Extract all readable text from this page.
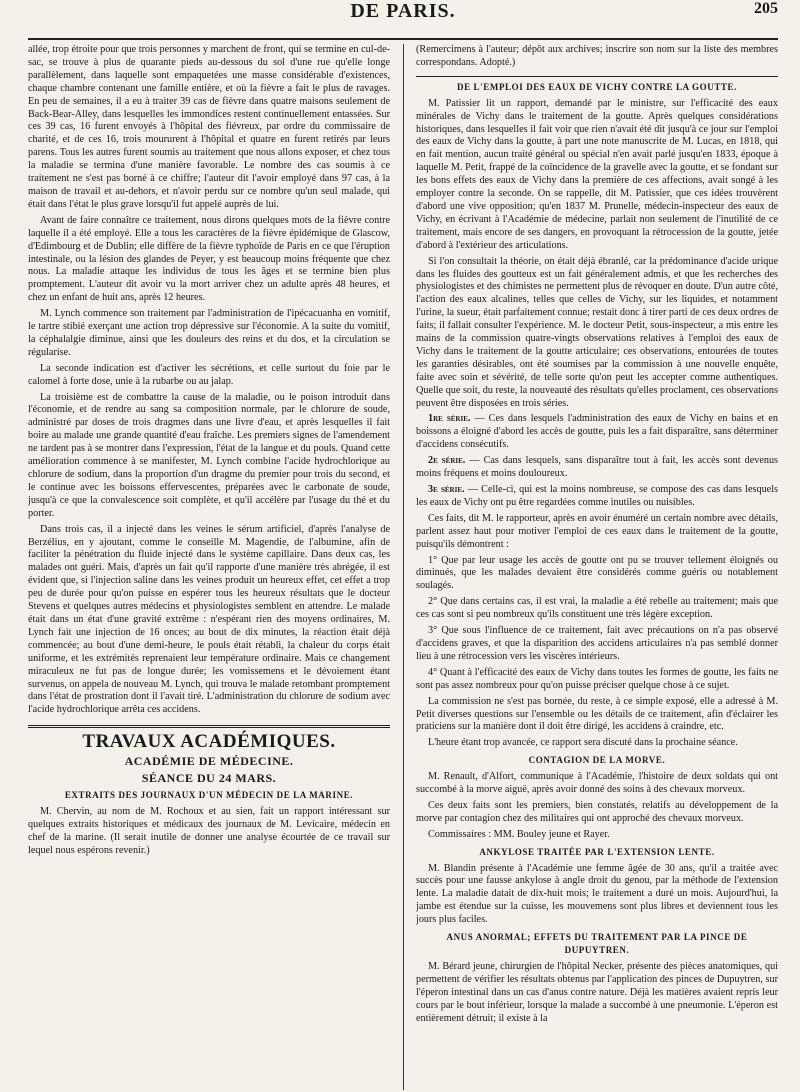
DE PARIS.	205

allée, trop étroite pour que trois personnes y marchent de front, qui se termine en cul-de-sac, se trouve à plus de quarante pieds au-dessous du sol d'une rue qu'elle longe parallèlement, dans laquelle sont empaquetées une masse considérable d'existences, chaque chambre contenant une famille entière, et où la fièvre a fait le plus de ravages. En peu de semaines, il a eu à traiter 39 cas de fièvre dans quatre maisons seulement de Back-Bear-Alley, dans lesquelles les immondices restent continuellement entassées. Sur ces 39 cas, 16 furent envoyés à l'hôpital des fiévreux, par ordre du commissaire de charité, et de ces 16, trois moururent à l'hôpital et quatre en furent retirés par leurs parens. Tous les autres furent soumis au traitement que nous allons exposer, et chez tous la maladie se termina d'une manière favorable. Le nombre des cas soumis à ce traitement ne s'est pas borné à ce chiffre; l'auteur dit l'avoir employé dans 97 cas, à la maison de travail et au-dehors, et n'avoir perdu sur ce nombre qu'un seul malade, qui était dans l'état le plus grave lorsqu'il fut appelé auprès de lui.

Avant de faire connaître ce traitement, nous dirons quelques mots de la fièvre contre laquelle il a été employé. Elle a tous les caractères de la fièvre épidémique de Glascow, d'Edimbourg et de Dublin; elle diffère de la fièvre typhoïde de Paris en ce que l'éruption intestinale, ou la lésion des glandes de Peyer, y est beaucoup moins fréquente que chez nous. La maladie attaque les individus de tous les âges et se termine bien plus promptement. L'auteur dit avoir vu la mort arriver chez un adulte après 48 heures, et chez un enfant de huit ans, après 12 heures.

M. Lynch commence son traitement par l'administration de l'ipécacuanha en vomitif, le tartre stibié exerçant une action trop dépressive sur l'économie. A la suite du vomitif, la céphalalgie diminue, ainsi que les douleurs des reins et du dos, et la circulation se régularise.

La seconde indication est d'activer les sécrétions, et celle surtout du foie par le calomel à forte dose, unie à la rubarbe ou au jalap.

La troisième est de combattre la cause de la maladie, ou le poison introduit dans l'économie, et de rendre au sang sa composition normale, par le chlorure de soude, administré par doses de trois dragmes dans une livre d'eau, et après lesquelles il fait boire au malade une grande quantité d'eau fraîche. Les premiers signes de l'amendement ne tardent pas à se montrer dans l'expression, l'état de la langue et du pouls. Quand cette amélioration commence à se manifester, M. Lynch combine l'acide hydrochlorique au chlorure de sodium, dans la proportion d'un dragme du premier pour trois du second, et le continue avec les boissons effervescentes, préparées avec le carbonate de soude, jusqu'à ce que la convalescence soit complète, et qu'il accélère par l'usage du thé et du porter.

Dans trois cas, il a injecté dans les veines le sérum artificiel, d'après l'analyse de Berzélius, en y ajoutant, comme le conseille M. Magendie, de l'albumine, afin de faciliter la pénétration du fluide injecté dans le système capillaire. Dans deux cas, les malades ont guéri. Mais, d'après un fait qu'il rapporte d'une manière très abrégée, il est évident que, si l'injection saline dans les veines produit un heureux effet, cet effet a trop peu de durée pour qu'on puisse en espérer tous les heureux résultats que le docteur Stevens et quelques autres médecins et physiologistes semblent en attendre. Le malade était dans un état d'une gravité extrême : n'espérant rien des moyens ordinaires, M. Lynch fait une injection de 16 onces; au bout de dix minutes, la réaction était déjà commencée; au bout d'une demi-heure, le pouls était rétabli, la chaleur du corps était uniforme, et les extrémités reprenaient leur température ordinaire. Mais ce changement miraculeux ne fut pas de longue durée; les vomissemens et le dévoiement étant survenus, on appela de nouveau M. Lynch, qui trouva le malade retombant promptement dans l'état de prostration dont il l'avait tiré. L'administration du chlorure de sodium avec l'acide hydrochlorique arrêta ces accidens.

TRAVAUX ACADÉMIQUES.
ACADÉMIE DE MÉDECINE.
SÉANCE DU 24 MARS.
EXTRAITS DES JOURNAUX D'UN MÉDECIN DE LA MARINE.

M. Chervin, au nom de M. Rochoux et au sien, fait un rapport intéressant sur quelques extraits historiques et médicaux des journaux de M. Levicaire, médecin en chef de la marine. (Il serait inutile de donner une analyse écourtée de ce travail sur lequel nous espérons revenir.)

(Remercimens à l'auteur; dépôt aux archives; inscrire son nom sur la liste des membres correspondans. Adopté.)

DE L'EMPLOI DES EAUX DE VICHY CONTRE LA GOUTTE.

M. Patissier lit un rapport, demandé par le ministre, sur l'efficacité des eaux minérales de Vichy dans le traitement de la goutte. Après quelques considérations historiques, dans lesquelles il fait voir que rien n'avait été dit jusqu'à ce jour sur l'emploi des eaux de Vichy dans la goutte, à part une note manuscrite de M. Lucas, en 1818, qui en fait mention, aucun traité général ou spécial n'en avait parlé jusqu'en 1833, époque à laquelle M. Petit, frappé de la coïncidence de la gravelle avec la goutte, et se fondant sur les bons effets des eaux de Vichy dans la première de ces affections, avait songé à les employer contre la seconde. On se rappelle, dit M. Patissier, que ces idées trouvèrent d'abord une vive opposition; qu'en 1837 M. Prunelle, médecin-inspecteur des eaux de Vichy, en écrivant à l'Académie de médecine, parlait non seulement de l'inutilité de ce traitement, mais encore de ses dangers, en provoquant la rétrocession de la goutte, jetée d'abord à l'extérieur des articulations.

Si l'on consultait la théorie, on était déjà ébranlé, car la prédominance d'acide urique dans les fluides des goutteux est un fait généralement admis, et que les recherches des physiologistes et des chimistes ne permettent plus de révoquer en doute. D'un autre côté, l'action des eaux alcalines, telles que celles de Vichy, sur les liquides, et notamment l'urine, la sueur, était parfaitement connue; restait donc à tirer parti de ces deux ordres de faits; il fallait consulter l'expérience. M. le docteur Petit, sous-inspecteur, a mis entre les mains de la commission quatre-vingts observations relatives à l'emploi des eaux de Vichy dans le traitement de la goutte articulaire; ces observations, entourées de toutes les garanties désirables, ont été soumises par la commission à une nouvelle enquête, faite avec soin et sévérité, de telle sorte qu'on peut les accepter comme authentiques. Quelle que soit, du reste, la nouveauté des résultats qu'elles proclament, ces observations peuvent être disposées en trois séries.

1re série. — Ces dans lesquels l'administration des eaux de Vichy en bains et en boissons a éloigné d'abord les accès de goutte, puis les a fait disparaître, sans déterminer d'accidens consécutifs.

2e série. — Cas dans lesquels, sans disparaître tout à fait, les accès sont devenus moins fréquens et moins douloureux.

3e série. — Celle-ci, qui est la moins nombreuse, se compose des cas dans lesquels les eaux de Vichy ont pu être regardées comme inutiles ou nuisibles.

Ces faits, dit M. le rapporteur, après en avoir énuméré un certain nombre avec détails, parlent assez haut pour motiver l'emploi de ces eaux dans le traitement de la goutte, puisqu'ils démontrent :

1° Que par leur usage les accès de goutte ont pu se trouver tellement éloignés ou diminués, que les malades devaient être considérés comme guéris ou notablement soulagés.

2° Que dans certains cas, il est vrai, la maladie a été rebelle au traitement; mais que ces cas sont si peu nombreux qu'ils constituent une très légère exception.

3° Que sous l'influence de ce traitement, fait avec précautions on n'a pas observé d'accidens graves, et que la disparition des accidens articulaires n'a pas semblé donner lieu à une rétrocession vers les viscères intérieurs.

4° Quant à l'efficacité des eaux de Vichy dans toutes les formes de goutte, les faits ne sont pas assez nombreux pour qu'on puisse préciser quelque chose à ce sujet.

La commission ne s'est pas bornée, du reste, à ce simple exposé, elle a adressé à M. Petit diverses questions sur l'ensemble ou les détails de ce traitement, afin d'éclairer les praticiens sur la manière dont il doit être dirigé, les accidens à craindre, etc.

L'heure étant trop avancée, ce rapport sera discuté dans la prochaine séance.

CONTAGION DE LA MORVE.

M. Renault, d'Alfort, communique à l'Académie, l'histoire de deux soldats qui ont succombé à la morve aiguë, après avoir donné des soins à des chevaux morveux.

Ces deux faits sont les premiers, bien constatés, relatifs au développement de la morve par contagion chez des militaires qui ont approché des chevaux morveux.

Commissaires : MM. Bouley jeune et Rayer.

ANKYLOSE TRAITÉE PAR L'EXTENSION LENTE.

M. Blandin présente à l'Académie une femme âgée de 30 ans, qu'il a traitée avec succès pour une fausse ankylose à angle droit du genou, par la méthode de l'extension lente. La maladie datait de dix-huit mois; le traitement a duré un mois. Aujourd'hui, la jambe est étendue sur la cuisse, les mouvemens sont plus libres et deviennent tous les jours plus faciles.

ANUS ANORMAL; EFFETS DU TRAITEMENT PAR LA PINCE DE DUPUYTREN.

M. Bérard jeune, chirurgien de l'hôpital Necker, présente des pièces anatomiques, qui permettent de vérifier les résultats obtenus par l'application des pinces de Dupuytren, sur l'éperon intestinal dans un cas d'anus contre nature. Déjà les matières avaient repris leur cours par le bout inférieur, lorsque la malade a succombé à une pneumonie. L'éperon est entièrement détruit; il existe à la
